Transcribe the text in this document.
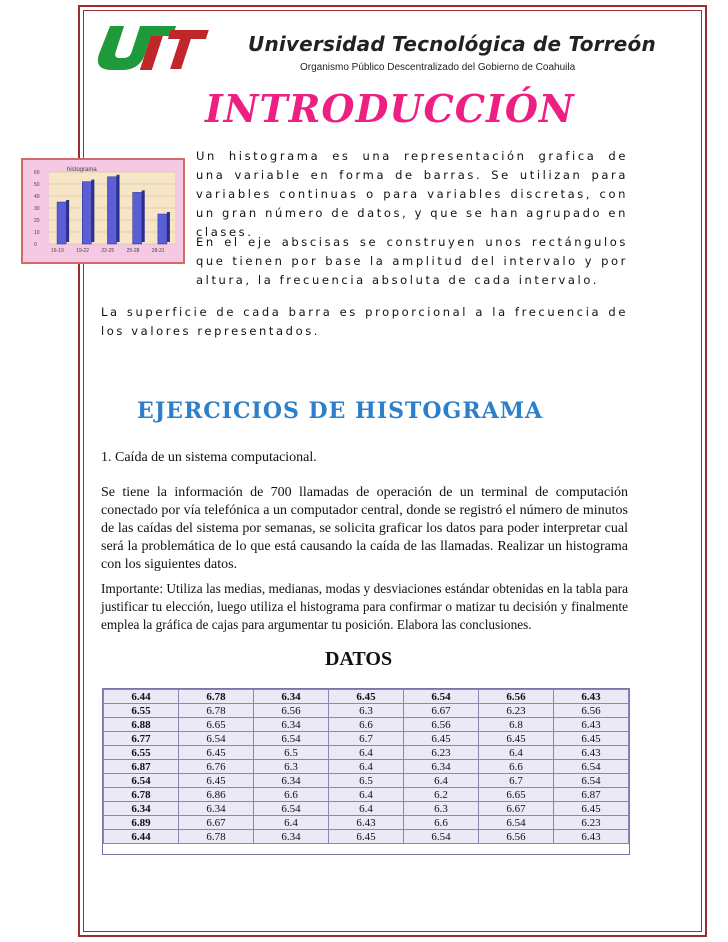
Universidad Tecnológica de Torreón
Organismo Público Descentralizado del Gobierno de Coahuila
INTRODUCCIÓN
histograma
60
50
40
30
20
10
0
16-19 19-22 22-25 25-28 28-31
Un histograma es una representación grafica de una variable en forma de barras. Se utilizan para variables continuas o para variables discretas, con un gran número de datos, y que se han agrupado en clases.
En el eje abscisas se construyen unos rectángulos que tienen por base la amplitud del intervalo y por altura, la frecuencia absoluta de cada intervalo.
La superficie de cada barra es proporcional a la frecuencia de los valores representados.
EJERCICIOS DE HISTOGRAMA
1. Caída de un sistema computacional.
Se tiene la información de 700 llamadas de operación de un terminal de computación conectado por vía telefónica a un computador central, donde se registró el número de minutos de las caídas del sistema por semanas, se solicita graficar los datos para poder interpretar cual será la problemática de lo que está causando la caída de las llamadas. Realizar un histograma con los siguientes datos.
Importante: Utiliza las medias, medianas, modas y desviaciones estándar obtenidas en la tabla para justificar tu elección, luego utiliza el histograma para confirmar o matizar tu decisión y finalmente emplea la gráfica de cajas para argumentar tu posición. Elabora las conclusiones.
DATOS
6.44	6.78	6.34	6.45	6.54	6.56	6.43
6.55	6.78	6.56	6.3	6.67	6.23	6.56
6.88	6.65	6.34	6.6	6.56	6.8	6.43
6.77	6.54	6.54	6.7	6.45	6.45	6.45
6.55	6.45	6.5	6.4	6.23	6.4	6.43
6.87	6.76	6.3	6.4	6.34	6.6	6.54
6.54	6.45	6.34	6.5	6.4	6.7	6.54
6.78	6.86	6.6	6.4	6.2	6.65	6.87
6.34	6.34	6.54	6.4	6.3	6.67	6.45
6.89	6.67	6.4	6.43	6.6	6.54	6.23
6.44	6.78	6.34	6.45	6.54	6.56	6.43
